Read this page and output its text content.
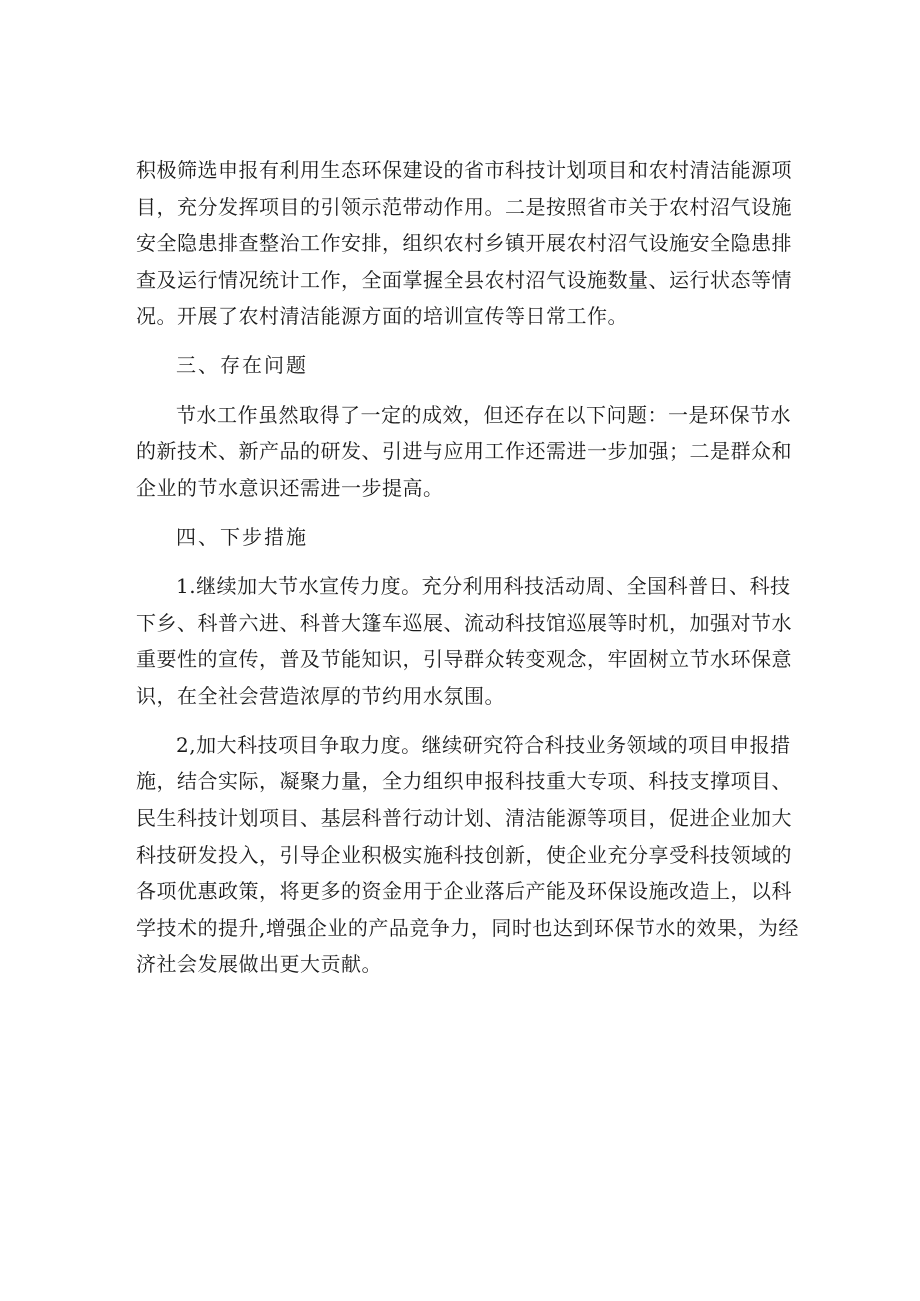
积极筛选申报有利用生态环保建设的省市科技计划项目和农村清洁能源项
目，充分发挥项目的引领示范带动作用。二是按照省市关于农村沼气设施
安全隐患排查整治工作安排，组织农村乡镇开展农村沼气设施安全隐患排
查及运行情况统计工作，全面掌握全县农村沼气设施数量、运行状态等情
况。开展了农村清洁能源方面的培训宣传等日常工作。
三、存在问题
节水工作虽然取得了一定的成效，但还存在以下问题：一是环保节水
的新技术、新产品的研发、引进与应用工作还需进一步加强；二是群众和
企业的节水意识还需进一步提高。
四、下步措施
1.继续加大节水宣传力度。充分利用科技活动周、全国科普日、科技
下乡、科普六进、科普大篷车巡展、流动科技馆巡展等时机，加强对节水
重要性的宣传，普及节能知识，引导群众转变观念，牢固树立节水环保意
识，在全社会营造浓厚的节约用水氛围。
2,加大科技项目争取力度。继续研究符合科技业务领域的项目申报措
施，结合实际，凝聚力量，全力组织申报科技重大专项、科技支撑项目、
民生科技计划项目、基层科普行动计划、清洁能源等项目，促进企业加大
科技研发投入，引导企业积极实施科技创新，使企业充分享受科技领域的
各项优惠政策，将更多的资金用于企业落后产能及环保设施改造上，以科
学技术的提升,增强企业的产品竞争力，同时也达到环保节水的效果，为经
济社会发展做出更大贡献。
